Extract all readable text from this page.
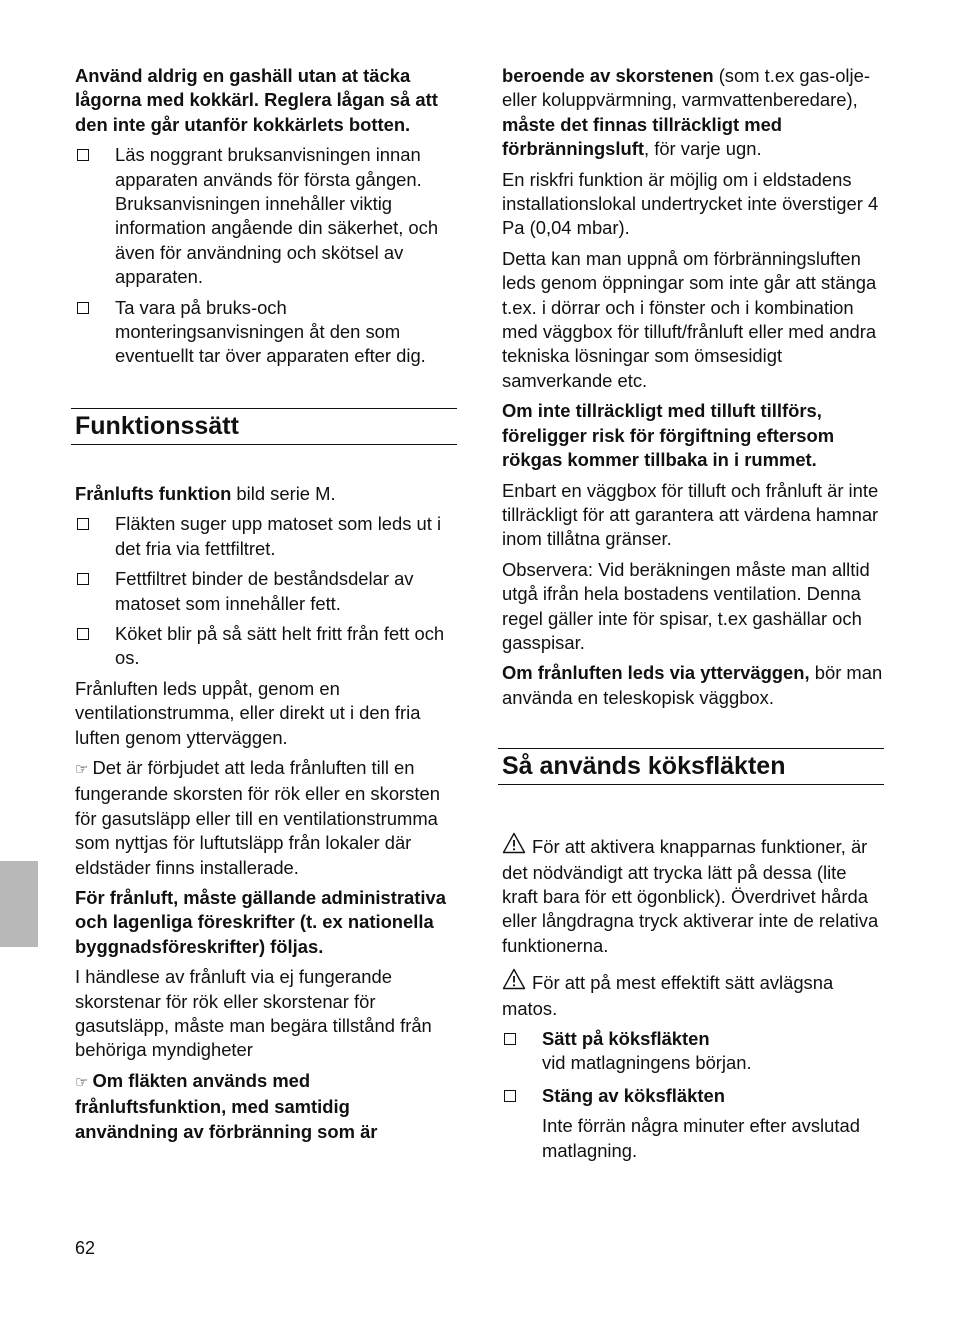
Använd aldrig en gashäll utan at täcka lågorna med kokkärl. Reglera lågan så att den inte går utanför kokkärlets botten.

Läs noggrant bruksanvisningen innan apparaten används för första gången. Bruksanvisningen innehåller viktig information angående din säkerhet, och även för användning och skötsel av apparaten.
Ta vara på bruks-och monteringsanvisningen åt den som eventuellt tar över apparaten efter dig.
Funktionssätt

Frånlufts funktion bild serie M.

Fläkten suger upp matoset som leds ut i det fria via fettfiltret.
Fettfiltret binder de beståndsdelar av matoset som innehåller fett.
Köket blir på så sätt helt fritt från fett och os.

Frånluften leds uppåt, genom en ventilationstrumma, eller direkt ut i den fria luften genom ytterväggen.

☞ Det är förbjudet att leda frånluften till en fungerande skorsten för rök eller en skorsten för gasutsläpp eller till en ventilationstrumma som nyttjas för luftutsläpp från lokaler där eldstäder finns installerade.

För frånluft, måste gällande administrativa och lagenliga föreskrifter (t. ex nationella byggnadsföreskrifter) följas.

I händlese av frånluft via ej fungerande skorstenar för rök eller skorstenar för gasutsläpp, måste man begära tillstånd från behöriga myndigheter

☞ Om fläkten används med frånluftsfunktion, med samtidig användning av förbränning som är

beroende av skorstenen (som t.ex gas-olje-eller koluppvärmning, varmvattenberedare), måste det finnas tillräckligt med förbränningsluft, för varje ugn.

En riskfri funktion är möjlig om i eldstadens installationslokal undertrycket inte överstiger 4 Pa (0,04 mbar).

Detta kan man uppnå om förbränningsluften leds genom öppningar som inte går att stänga t.ex. i dörrar och i fönster och i kombination med väggbox för tilluft/frånluft eller med andra tekniska lösningar som ömsesidigt samverkande etc.

Om inte tillräckligt med tilluft tillförs, föreligger risk för förgiftning eftersom rökgas kommer tillbaka in i rummet.

Enbart en väggbox för tilluft och frånluft är inte tillräckligt för att garantera att värdena hamnar inom tillåtna gränser.

Observera: Vid beräkningen måste man alltid utgå ifrån hela bostadens ventilation. Denna regel gäller inte för spisar, t.ex gashällar och gasspisar.

Om frånluften leds via ytterväggen, bör man använda en teleskopisk väggbox.

Så används köksfläkten

För att aktivera knapparnas funktioner, är det nödvändigt att trycka lätt på dessa (lite kraft bara för ett ögonblick). Överdrivet hårda eller långdragna tryck aktiverar inte de relativa funktionerna.

För att på mest effektift sätt avlägsna matos.

Sätt på köksfläkten
vid matlagningens början.
Stäng av köksfläkten
Inte förrän några minuter efter avslutad matlagning.
62
